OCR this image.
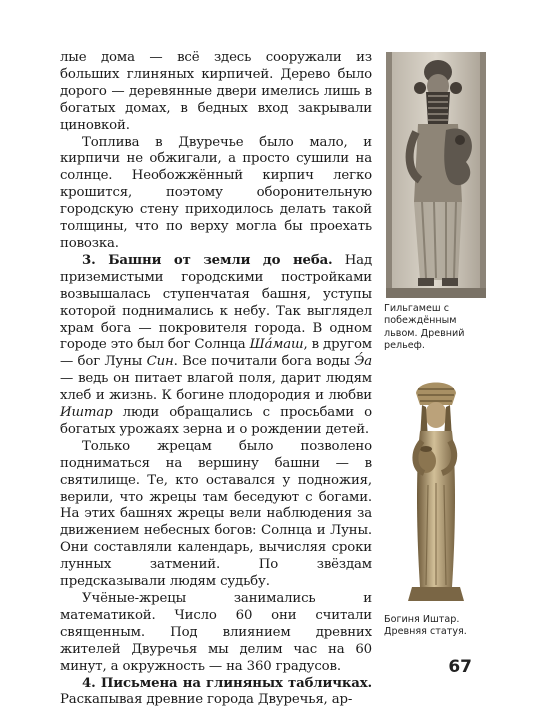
лые дома — всё здесь сооружали из больших глиняных кирпичей. Дерево было дорого — деревянные двери имелись лишь в богатых домах, в бедных вход закрывали циновкой.

Топлива в Двуречье было мало, и кирпичи не обжигали, а просто сушили на солнце. Необожжённый кирпич легко крошится, поэтому оборонительную городскую стену приходилось делать такой толщины, что по верху могла бы проехать повозка.

3. Башни от земли до неба. Над приземистыми городскими постройками возвышалась ступенчатая башня, уступы которой поднимались к небу. Так выглядел храм бога — покровителя города. В одном городе это был бог Солнца Ша́маш, в другом — бог Луны Син. Все почитали бога воды Э́а — ведь он питает влагой поля, дарит людям хлеб и жизнь. К богине плодородия и любви Иштар люди обращались с просьбами о богатых урожаях зерна и о рождении детей.

Только жрецам было позволено подниматься на вершину башни — в святилище. Те, кто оставался у подножия, верили, что жрецы там беседуют с богами. На этих башнях жрецы вели наблюдения за движением небесных богов: Солнца и Луны. Они составляли календарь, вычисляя сроки лунных затмений. По звёздам предсказывали людям судьбу.

Учёные-жрецы занимались и математикой. Число 60 они считали священным. Под влиянием древних жителей Двуречья мы делим час на 60 минут, а окружность — на 360 градусов.

4. Письмена на глиняных табличках. Раскапывая древние города Двуречья, ар-

Гильгамеш с побеждённым львом. Древний рельеф.
Богиня Иштар. Древняя статуя.
67
